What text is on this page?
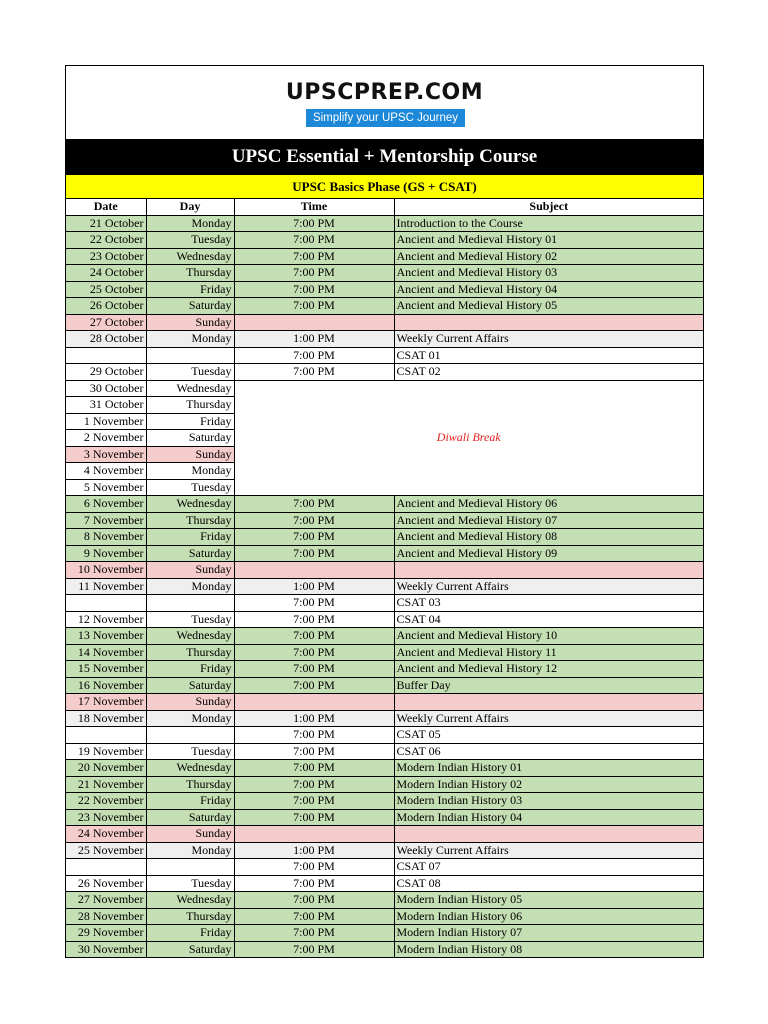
UPSCPREP.COM
Simplify your UPSC Journey
UPSC Essential + Mentorship Course
UPSC Basics Phase (GS + CSAT)
Date	Day	Time	Subject
21 October	Monday	7:00 PM	Introduction to the Course
22 October	Tuesday	7:00 PM	Ancient and Medieval History 01
23 October	Wednesday	7:00 PM	Ancient and Medieval History 02
24 October	Thursday	7:00 PM	Ancient and Medieval History 03
25 October	Friday	7:00 PM	Ancient and Medieval History 04
26 October	Saturday	7:00 PM	Ancient and Medieval History 05
27 October	Sunday		
28 October	Monday	1:00 PM	Weekly Current Affairs
		7:00 PM	CSAT 01
29 October	Tuesday	7:00 PM	CSAT 02
30 October	Wednesday	Diwali Break	
31 October	Thursday		
1 November	Friday		
2 November	Saturday		
3 November	Sunday		
4 November	Monday		
5 November	Tuesday		
6 November	Wednesday	7:00 PM	Ancient and Medieval History 06
7 November	Thursday	7:00 PM	Ancient and Medieval History 07
8 November	Friday	7:00 PM	Ancient and Medieval History 08
9 November	Saturday	7:00 PM	Ancient and Medieval History 09
10 November	Sunday		
11 November	Monday	1:00 PM	Weekly Current Affairs
		7:00 PM	CSAT 03
12 November	Tuesday	7:00 PM	CSAT 04
13 November	Wednesday	7:00 PM	Ancient and Medieval History 10
14 November	Thursday	7:00 PM	Ancient and Medieval History 11
15 November	Friday	7:00 PM	Ancient and Medieval History 12
16 November	Saturday	7:00 PM	Buffer Day
17 November	Sunday		
18 November	Monday	1:00 PM	Weekly Current Affairs
		7:00 PM	CSAT 05
19 November	Tuesday	7:00 PM	CSAT 06
20 November	Wednesday	7:00 PM	Modern Indian History 01
21 November	Thursday	7:00 PM	Modern Indian History 02
22 November	Friday	7:00 PM	Modern Indian History 03
23 November	Saturday	7:00 PM	Modern Indian History 04
24 November	Sunday		
25 November	Monday	1:00 PM	Weekly Current Affairs
		7:00 PM	CSAT 07
26 November	Tuesday	7:00 PM	CSAT 08
27 November	Wednesday	7:00 PM	Modern Indian History 05
28 November	Thursday	7:00 PM	Modern Indian History 06
29 November	Friday	7:00 PM	Modern Indian History 07
30 November	Saturday	7:00 PM	Modern Indian History 08
